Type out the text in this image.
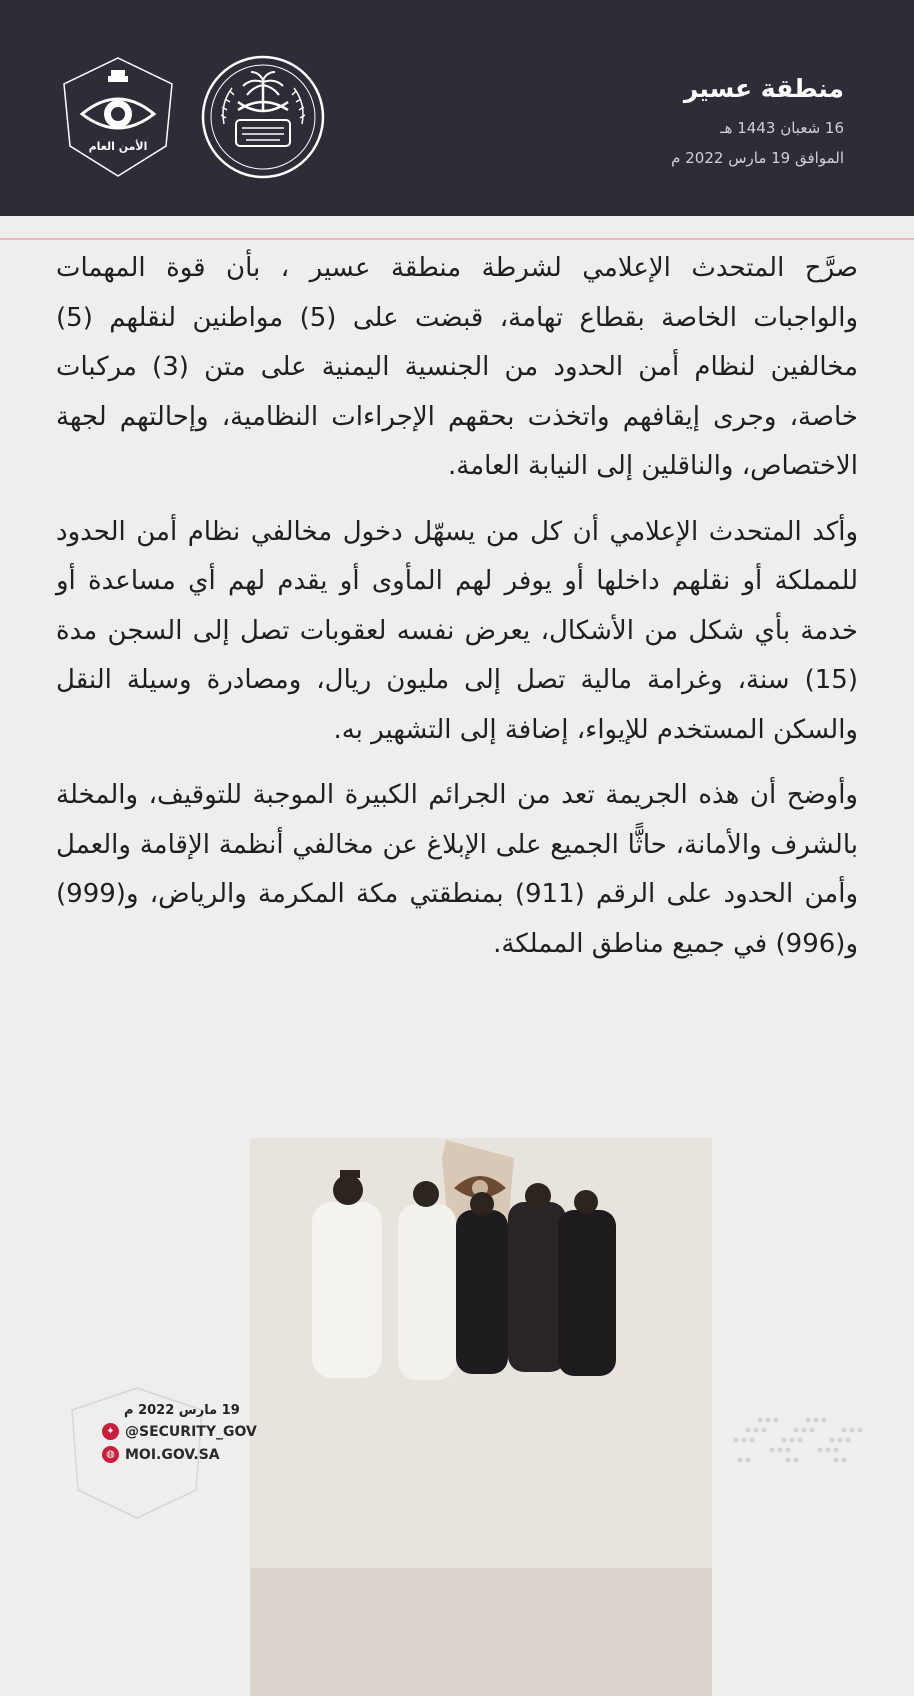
الأمن العام
منطقة عسير
16 شعبان 1443 هـ
الموافق 19 مارس 2022 م

صرَّح المتحدث الإعلامي لشرطة منطقة عسير ، بأن قوة المهمات والواجبات الخاصة بقطاع تهامة، قبضت على (5) مواطنين لنقلهم (5) مخالفين لنظام أمن الحدود من الجنسية اليمنية على متن (3) مركبات خاصة، وجرى إيقافهم واتخذت بحقهم الإجراءات النظامية، وإحالتهم لجهة الاختصاص، والناقلين إلى النيابة العامة.

وأكد المتحدث الإعلامي أن كل من يسهّل دخول مخالفي نظام أمن الحدود للمملكة أو نقلهم داخلها أو يوفر لهم المأوى أو يقدم لهم أي مساعدة أو خدمة بأي شكل من الأشكال، يعرض نفسه لعقوبات تصل إلى السجن مدة (15) سنة، وغرامة مالية تصل إلى مليون ريال، ومصادرة وسيلة النقل والسكن المستخدم للإيواء، إضافة إلى التشهير به.

وأوضح أن هذه الجريمة تعد من الجرائم الكبيرة الموجبة للتوقيف، والمخلة بالشرف والأمانة، حاثًّا الجميع على الإبلاغ عن مخالفي أنظمة الإقامة والعمل وأمن الحدود على الرقم (911) بمنطقتي مكة المكرمة والرياض، و(999) و(996) في جميع مناطق المملكة.

19 مارس 2022 م
✦ @SECURITY_GOV
◍ MOI.GOV.SA
